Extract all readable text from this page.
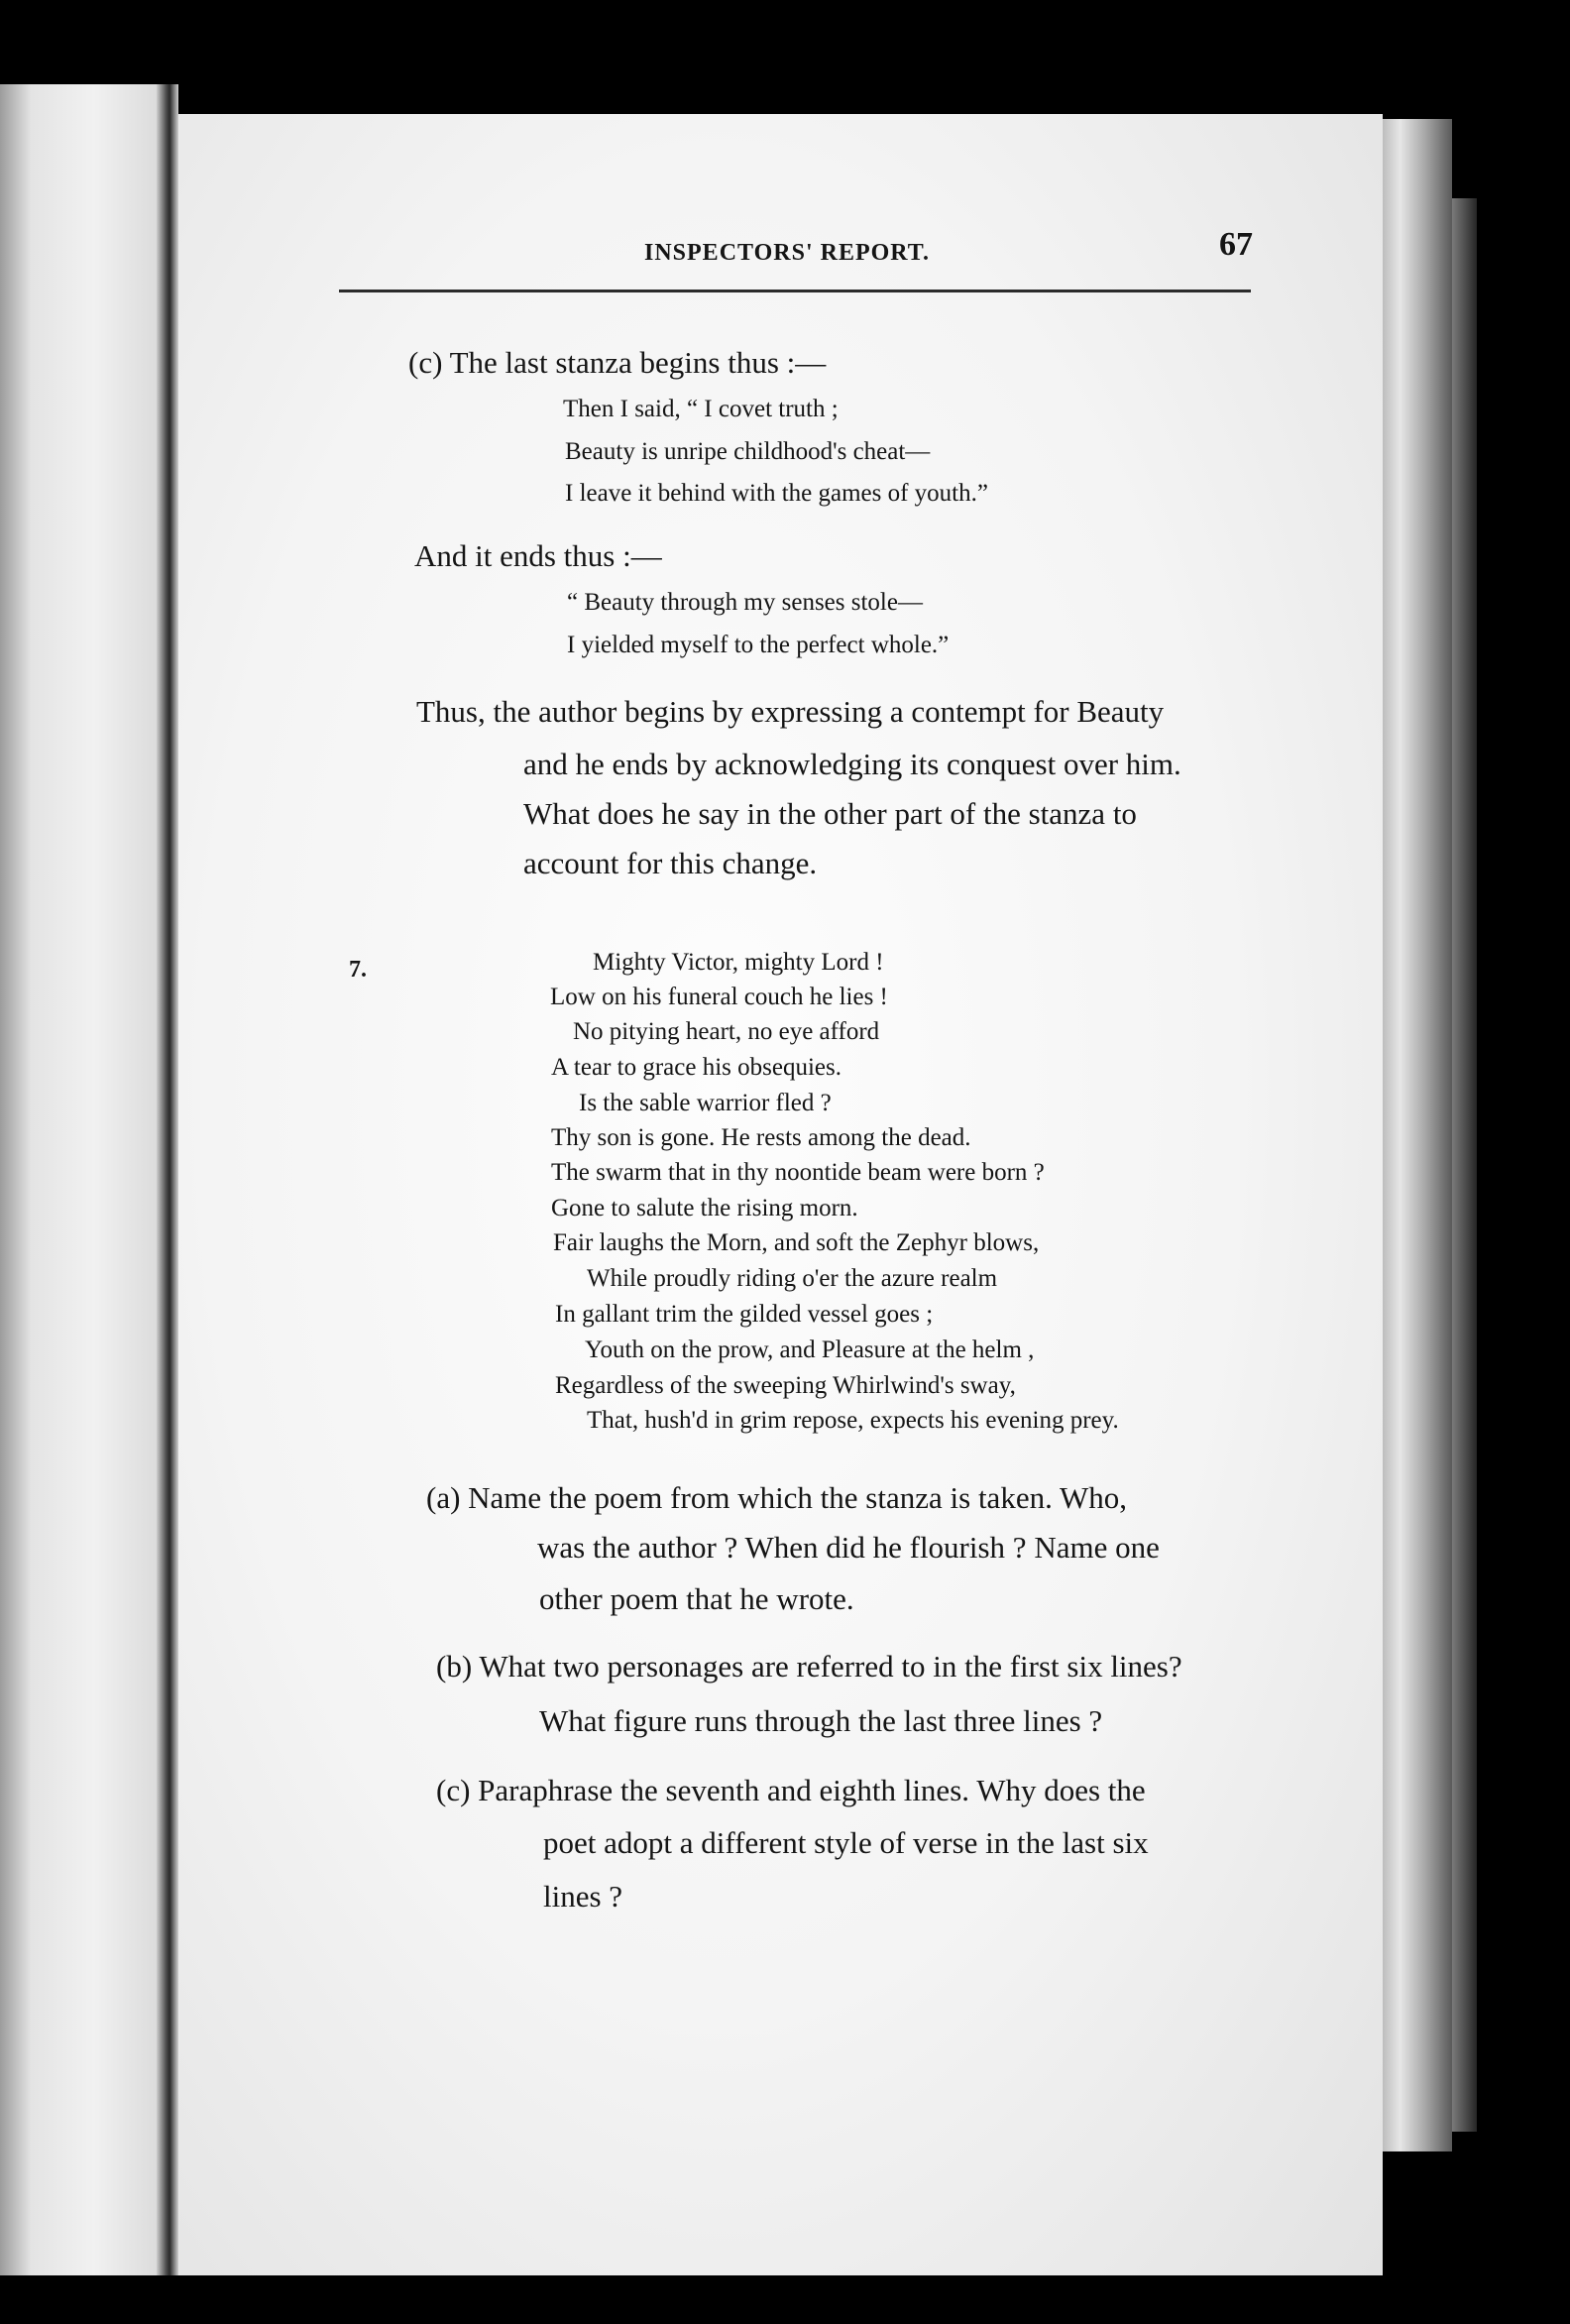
INSPECTORS' REPORT.	67
(c) The last stanza begins thus :—
Then I said, “ I covet truth ;
Beauty is unripe childhood's cheat—
I leave it behind with the games of youth.”
And it ends thus :—
“ Beauty through my senses stole—
I yielded myself to the perfect whole.”
Thus, the author begins by expressing a contempt for Beauty
and he ends by acknowledging its conquest over him.
What does he say in the other part of the stanza to
account for this change.
7.	Mighty Victor, mighty Lord !
Low on his funeral couch he lies !
No pitying heart, no eye afford
A tear to grace his obsequies.
Is the sable warrior fled ?
Thy son is gone. He rests among the dead.
The swarm that in thy noontide beam were born ?
Gone to salute the rising morn.
Fair laughs the Morn, and soft the Zephyr blows,
While proudly riding o'er the azure realm
In gallant trim the gilded vessel goes ;
Youth on the prow, and Pleasure at the helm ,
Regardless of the sweeping Whirlwind's sway,
That, hush'd in grim repose, expects his evening prey.
(a) Name the poem from which the stanza is taken. Who,
was the author ? When did he flourish ? Name one
other poem that he wrote.
(b) What two personages are referred to in the first six lines?
What figure runs through the last three lines ?
(c) Paraphrase the seventh and eighth lines. Why does the
poet adopt a different style of verse in the last six
lines ?
